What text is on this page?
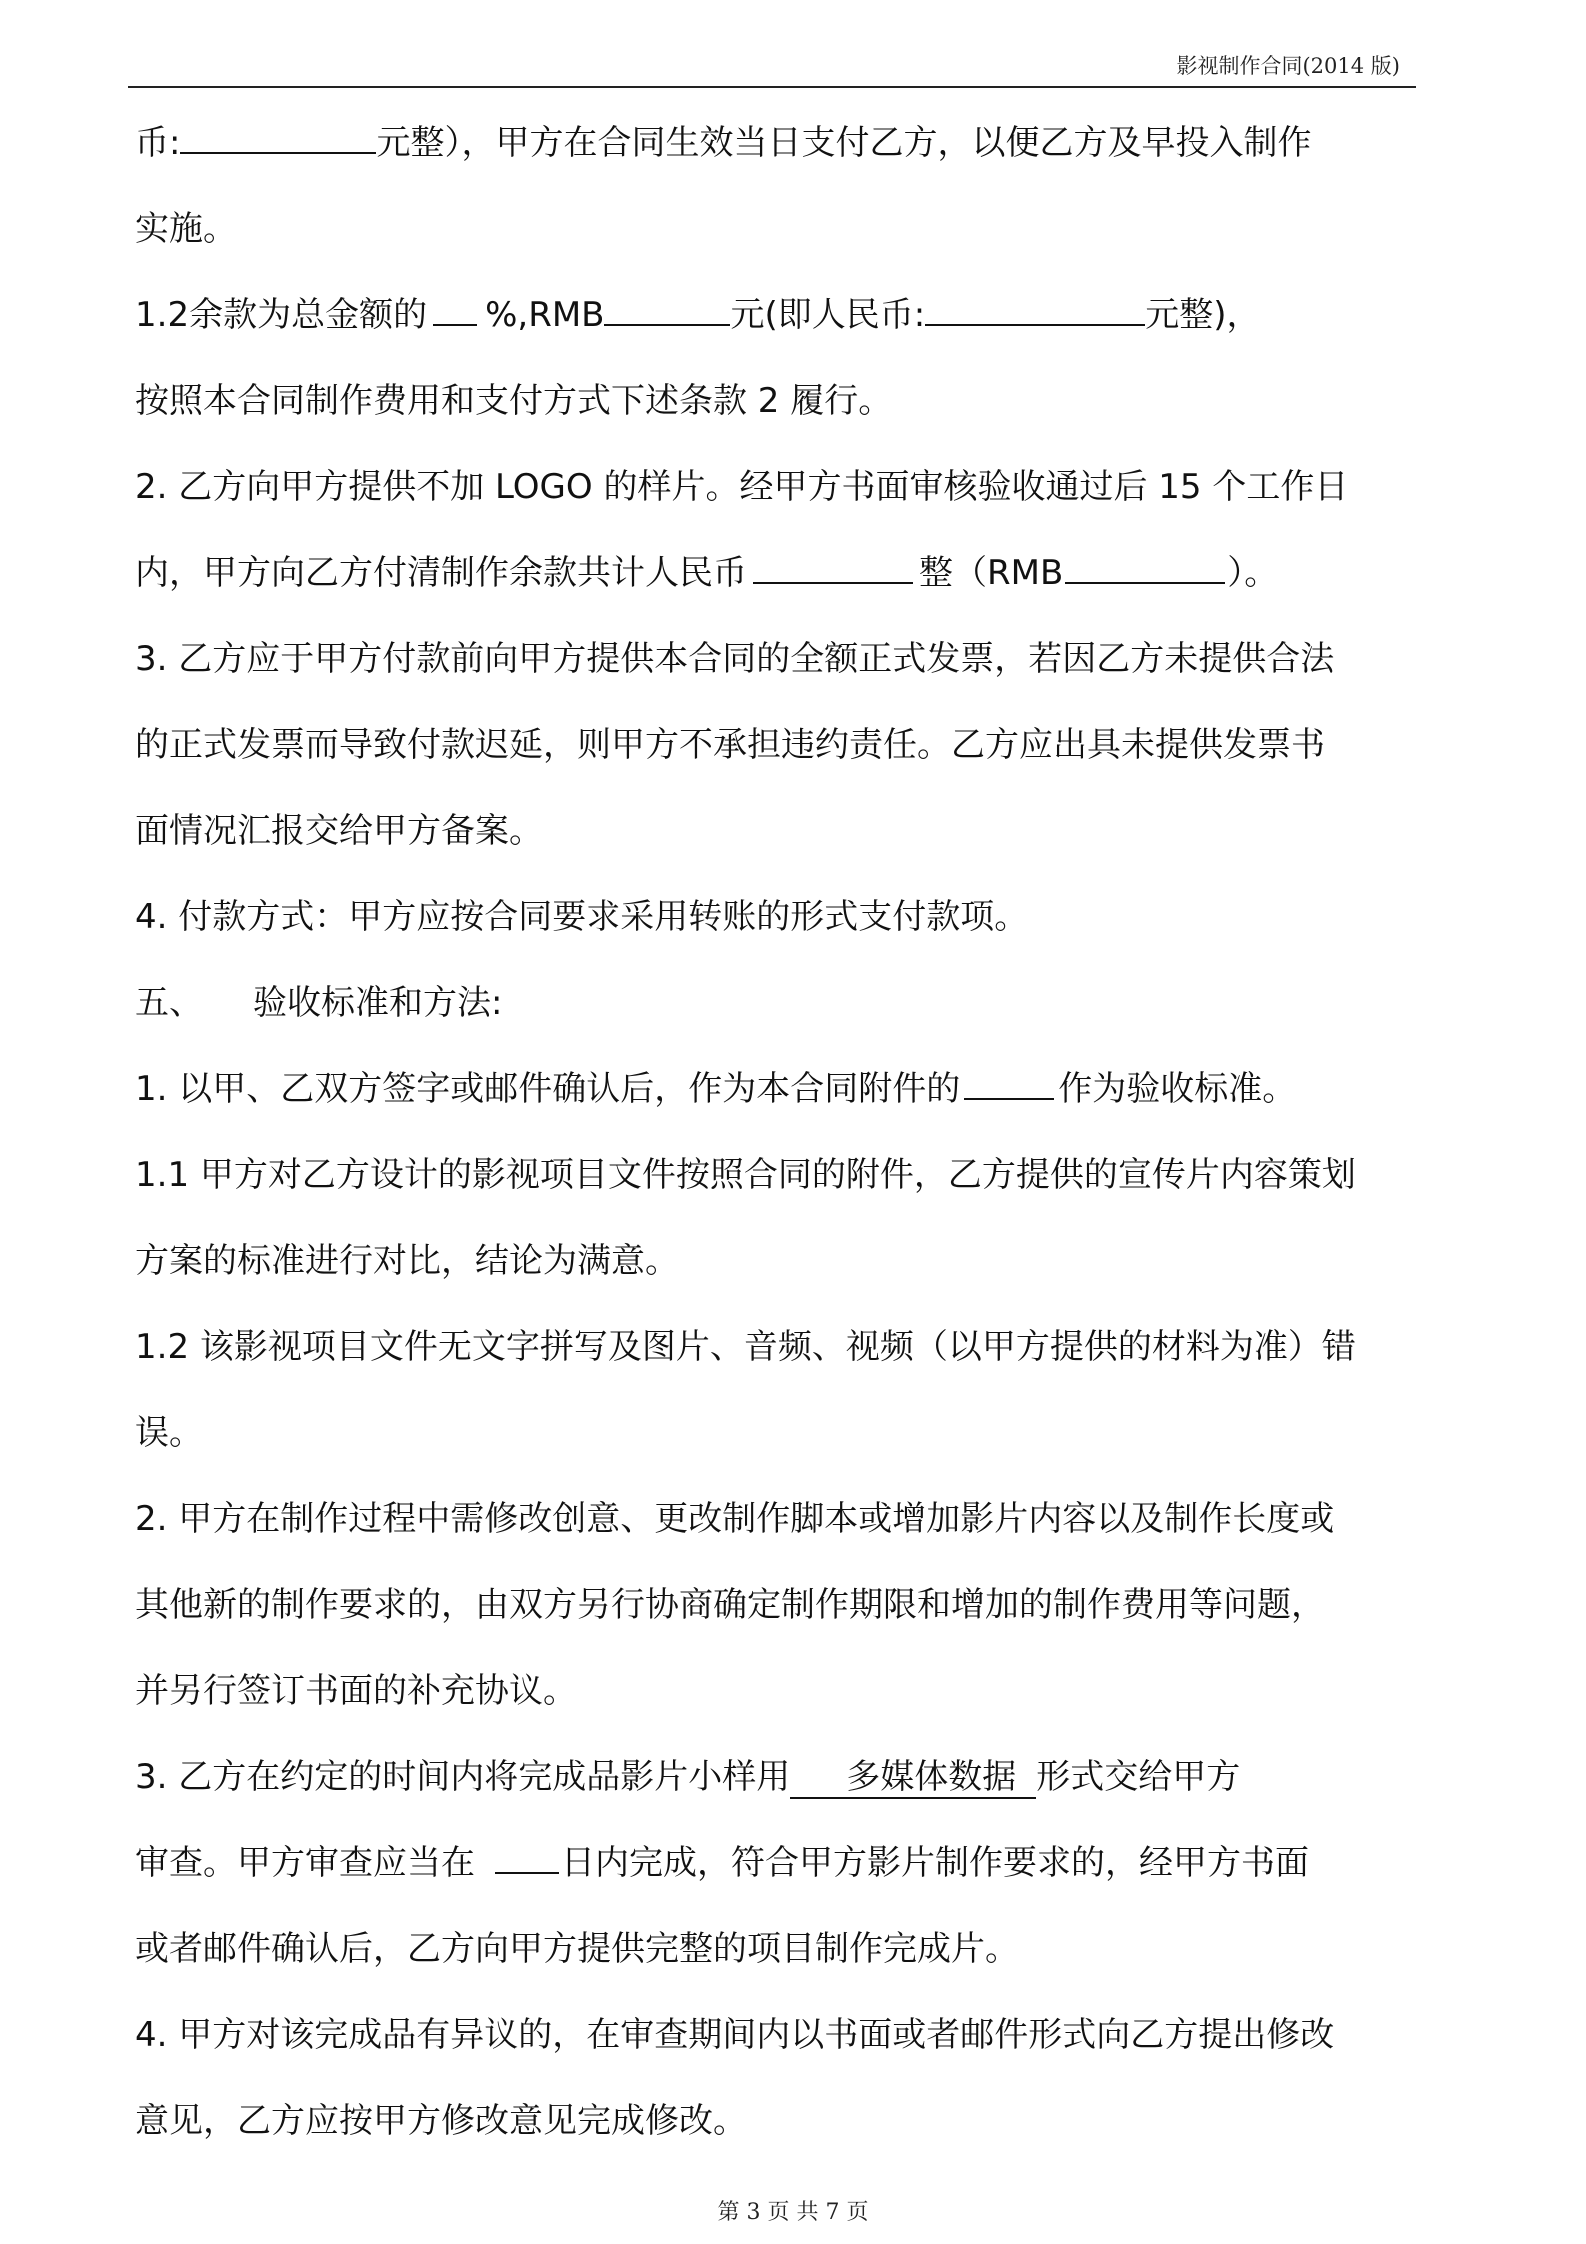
影视制作合同(2014 版)

币:	元整），甲方在合同生效当日支付乙方，以便乙方及早投入制作

实施。

1.2余款为总金额的 %,RMB	元(即人民币:	元整)，

按照本合同制作费用和支付方式下述条款 2 履行。

2. 乙方向甲方提供不加 LOGO 的样片。经甲方书面审核验收通过后 15 个工作日

内，甲方向乙方付清制作余款共计人民币	整（RMB	）。

3. 乙方应于甲方付款前向甲方提供本合同的全额正式发票，若因乙方未提供合法

的正式发票而导致付款迟延，则甲方不承担违约责任。乙方应出具未提供发票书

面情况汇报交给甲方备案。

4. 付款方式：甲方应按合同要求采用转账的形式支付款项。

五、 验收标准和方法:

1. 以甲、乙双方签字或邮件确认后，作为本合同附件的	作为验收标准。

1.1 甲方对乙方设计的影视项目文件按照合同的附件，乙方提供的宣传片内容策划

方案的标准进行对比，结论为满意。

1.2 该影视项目文件无文字拼写及图片、音频、视频（以甲方提供的材料为准）错

误。

2. 甲方在制作过程中需修改创意、更改制作脚本或增加影片内容以及制作长度或

其他新的制作要求的，由双方另行协商确定制作期限和增加的制作费用等问题，

并另行签订书面的补充协议。

3. 乙方在约定的时间内将完成品影片小样用 多媒体数据 形式交给甲方

审查。甲方审查应当在	日内完成，符合甲方影片制作要求的，经甲方书面

或者邮件确认后，乙方向甲方提供完整的项目制作完成片。

4. 甲方对该完成品有异议的，在审查期间内以书面或者邮件形式向乙方提出修改

意见，乙方应按甲方修改意见完成修改。

第 3 页 共 7 页
